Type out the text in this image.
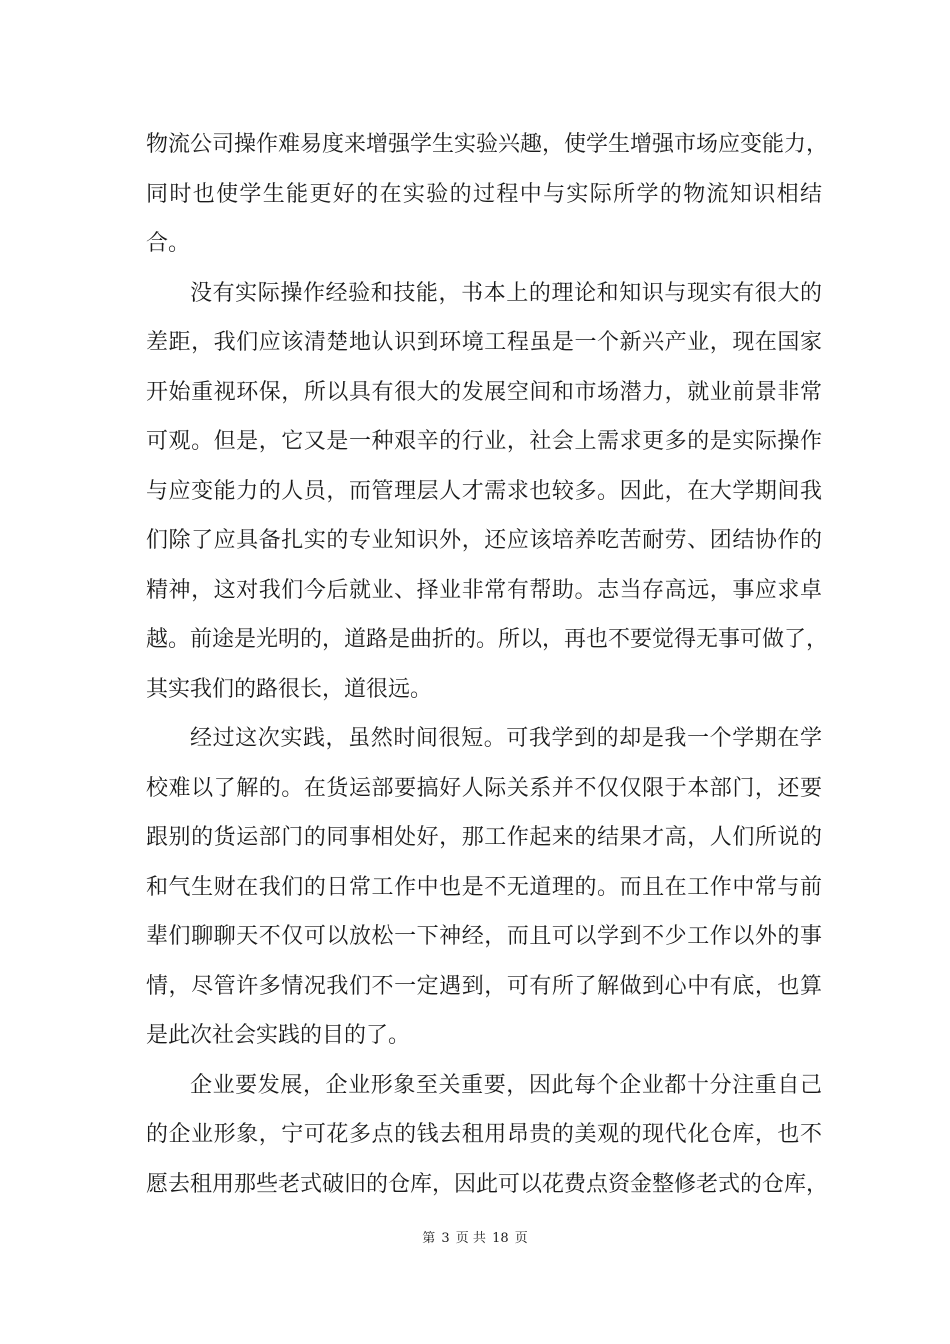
物流公司操作难易度来增强学生实验兴趣，使学生增强市场应变能力，
同时也使学生能更好的在实验的过程中与实际所学的物流知识相结
合。
没有实际操作经验和技能，书本上的理论和知识与现实有很大的
差距，我们应该清楚地认识到环境工程虽是一个新兴产业，现在国家
开始重视环保，所以具有很大的发展空间和市场潜力，就业前景非常
可观。但是，它又是一种艰辛的行业，社会上需求更多的是实际操作
与应变能力的人员，而管理层人才需求也较多。因此，在大学期间我
们除了应具备扎实的专业知识外，还应该培养吃苦耐劳、团结协作的
精神，这对我们今后就业、择业非常有帮助。志当存高远，事应求卓
越。前途是光明的，道路是曲折的。所以，再也不要觉得无事可做了，
其实我们的路很长，道很远。
经过这次实践，虽然时间很短。可我学到的却是我一个学期在学
校难以了解的。在货运部要搞好人际关系并不仅仅限于本部门，还要
跟别的货运部门的同事相处好，那工作起来的结果才高，人们所说的
和气生财在我们的日常工作中也是不无道理的。而且在工作中常与前
辈们聊聊天不仅可以放松一下神经，而且可以学到不少工作以外的事
情，尽管许多情况我们不一定遇到，可有所了解做到心中有底，也算
是此次社会实践的目的了。
企业要发展，企业形象至关重要，因此每个企业都十分注重自己
的企业形象，宁可花多点的钱去租用昂贵的美观的现代化仓库，也不
愿去租用那些老式破旧的仓库，因此可以花费点资金整修老式的仓库，
第 3 页 共 18 页
